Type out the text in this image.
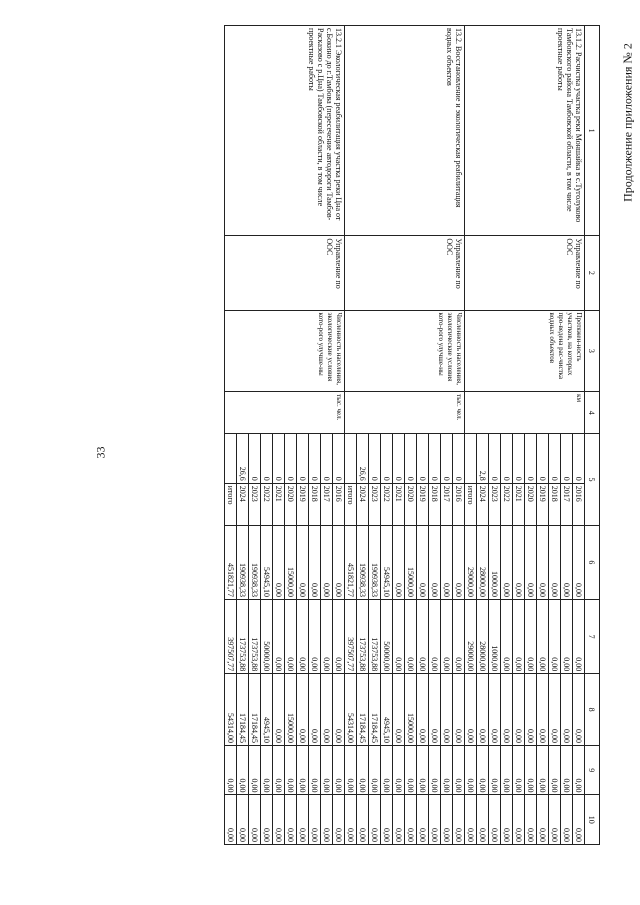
33
Продолжение приложения № 2
1	2	3	4	5		6	7	8	9	10
13.1.2. Расчистка участка реки Моншайка в с.Туголуково Тамбовского района Тамбовской области, в том числе проектные работы	Управление по ООС	Протяжен-ность участков, на которых про-ведена рас-чистка водных объектов	км	0	2016	0,00	0,00	0,00	0,00	0,00
				0	2017	0,00	0,00	0,00	0,00	0,00
				0	2018	0,00	0,00	0,00	0,00	0,00
				0	2019	0,00	0,00	0,00	0,00	0,00
				0	2020	0,00	0,00	0,00	0,00	0,00
				0	2021	0,00	0,00	0,00	0,00	0,00
				0	2022	0,00	0,00	0,00	0,00	0,00
				0	2023	1000,00	1000,00	0,00	0,00	0,00
				2,8	2024	28000,00	28000,00	0,00	0,00	0,00
					итого	29000,00	29000,00	0,00	0,00	0,00
13.2. Восстановление и экологическая реабилитация водных объектов	Управление по ООС	Численность населения, экологические условия кото-рого улучше-ны	тыс. чел.	0	2016	0,00	0,00	0,00	0,00	0,00
				0	2017	0,00	0,00	0,00	0,00	0,00
				0	2018	0,00	0,00	0,00	0,00	0,00
				0	2019	0,00	0,00	0,00	0,00	0,00
				0	2020	15000,00	0,00	15000,00	0,00	0,00
				0	2021	0,00	0,00	0,00	0,00	0,00
				0	2022	54945,10	50000,00	4945,10	0,00	0,00
				0	2023	190938,33	173753,88	17184,45	0,00	0,00
				26,6	2024	190938,33	173753,88	17184,45	0,00	0,00
					итого	451821,77	397507,77	54314,00	0,00	0,00
13.2.1 Экологическая реабилитация участка реки Цна от с.Бокино до г.Тамбова (пересечение автодороги Тамбов-Расказово с р.Цна) Тамбовской области, в том числе проектные работы	Управление по ООС	Численность населения, экологические условия кото-рого улучше-ны	тыс. чел.	0	2016	0,00	0,00	0,00	0,00	0,00
				0	2017	0,00	0,00	0,00	0,00	0,00
				0	2018	0,00	0,00	0,00	0,00	0,00
				0	2019	0,00	0,00	0,00	0,00	0,00
				0	2020	15000,00	0,00	15000,00	0,00	0,00
				0	2021	0,00	0,00	0,00	0,00	0,00
				0	2022	54945,10	50000,00	4945,10	0,00	0,00
				0	2023	190938,33	173753,88	17184,45	0,00	0,00
				26,6	2024	190938,33	173753,88	17184,45	0,00	0,00
					итого	451821,77	397507,77	54314,00	0,00	0,00
